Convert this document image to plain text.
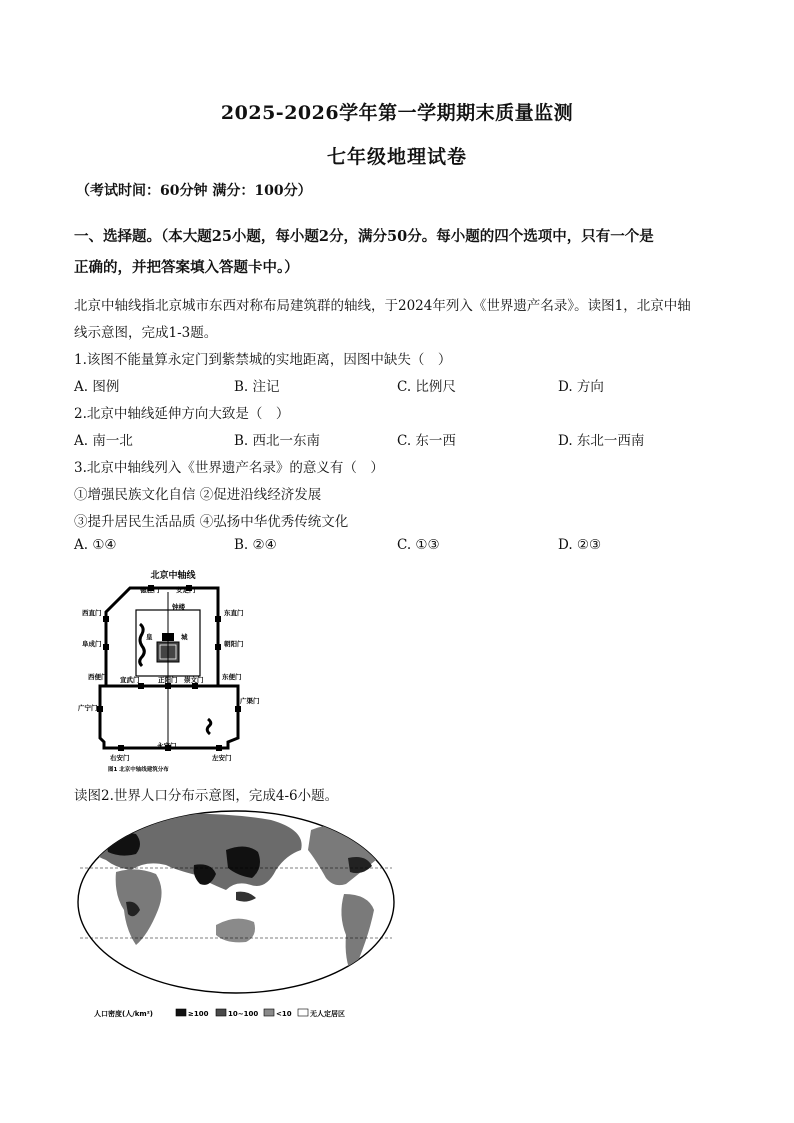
2025-2026学年第一学期期末质量监测
七年级地理试卷
（考试时间：60分钟 满分：100分）
一、选择题。（本大题25小题，每小题2分，满分50分。每小题的四个选项中，只有一个是
正确的，并把答案填入答题卡中。）
北京中轴线指北京城市东西对称布局建筑群的轴线，于2024年列入《世界遗产名录》。读图1，北京中轴
线示意图，完成1-3题。
1.该图不能量算永定门到紫禁城的实地距离，因图中缺失（　）
A. 图例	B. 注记	C. 比例尺	D. 方向
2.北京中轴线延伸方向大致是（　）
A. 南一北	B. 西北一东南	C. 东一西	D. 东北一西南
3.北京中轴线列入《世界遗产名录》的意义有（　）
①增强民族文化自信 ②促进沿线经济发展
③提升居民生活品质 ④弘扬中华优秀传统文化
A. ①④	B. ②④	C. ①③	D. ②③
北京中轴线
德胜门	安定门
钟楼
西直门	东直门
阜成门	朝阳门
皇	城
西便门	东便门
宣武门	正阳门 崇文门
广宁门
广渠门
右安门
永定门
左安门
图1 北京中轴线建筑分布
读图2.世界人口分布示意图，完成4-6小题。
人口密度(人/km²)	≥100	10~100	<10	无人定居区
